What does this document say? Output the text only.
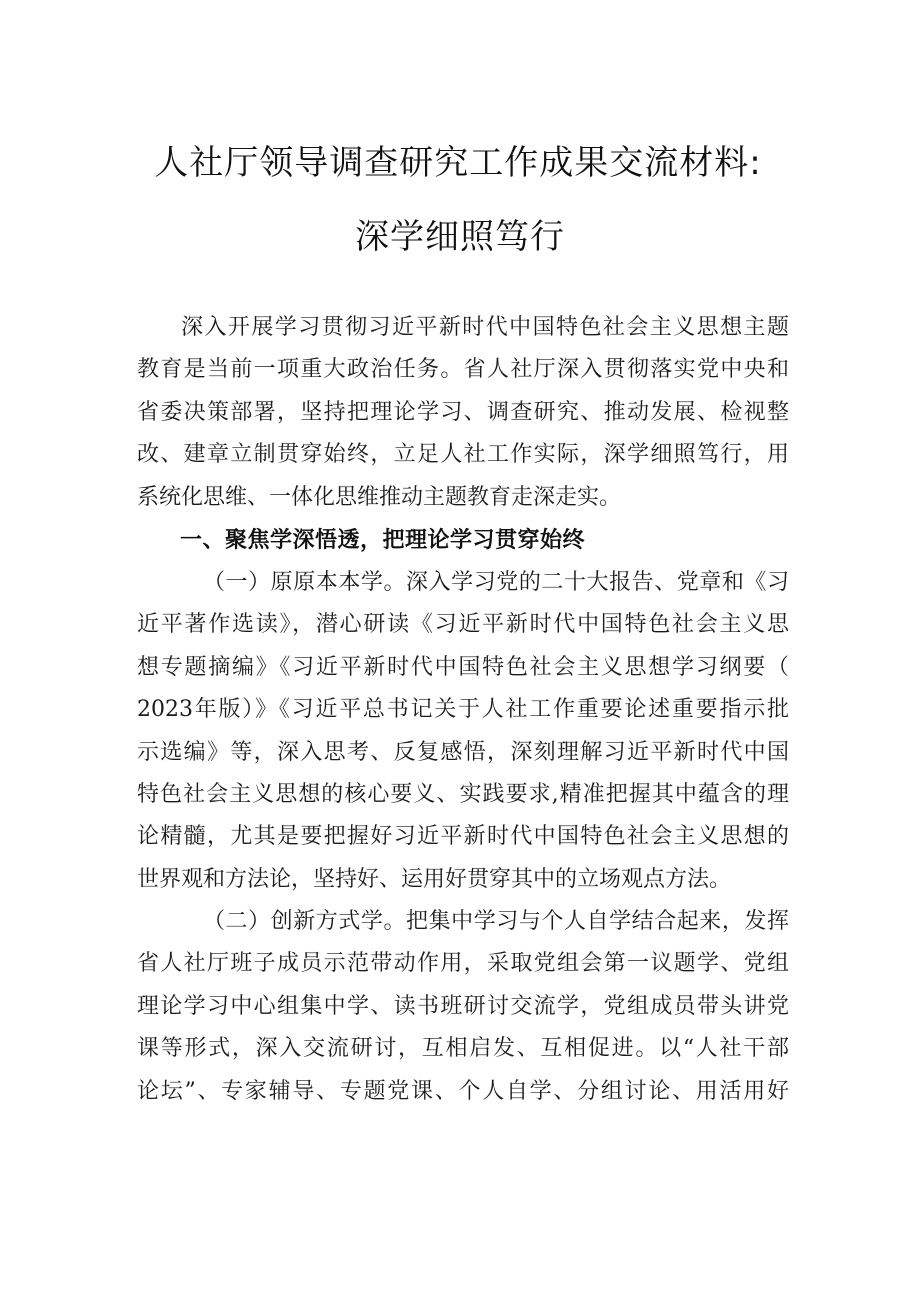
人社厅领导调查研究工作成果交流材料:
深学细照笃行
深入开展学习贯彻习近平新时代中国特色社会主义思想主题
教育是当前一项重大政治任务。省人社厅深入贯彻落实党中央和
省委决策部署，坚持把理论学习、调查研究、推动发展、检视整
改、建章立制贯穿始终，立足人社工作实际，深学细照笃行，用
系统化思维、一体化思维推动主题教育走深走实。
一、聚焦学深悟透，把理论学习贯穿始终
（一）原原本本学。深入学习党的二十大报告、党章和《习
近平著作选读》，潜心研读《习近平新时代中国特色社会主义思
想专题摘编》《习近平新时代中国特色社会主义思想学习纲要（
2023年版）》《习近平总书记关于人社工作重要论述重要指示批
示选编》等，深入思考、反复感悟，深刻理解习近平新时代中国
特色社会主义思想的核心要义、实践要求,精准把握其中蕴含的理
论精髓，尤其是要把握好习近平新时代中国特色社会主义思想的
世界观和方法论，坚持好、运用好贯穿其中的立场观点方法。
（二）创新方式学。把集中学习与个人自学结合起来，发挥
省人社厅班子成员示范带动作用，采取党组会第一议题学、党组
理论学习中心组集中学、读书班研讨交流学，党组成员带头讲党
课等形式，深入交流研讨，互相启发、互相促进。以“人社干部
论坛”、专家辅导、专题党课、个人自学、分组讨论、用活用好
